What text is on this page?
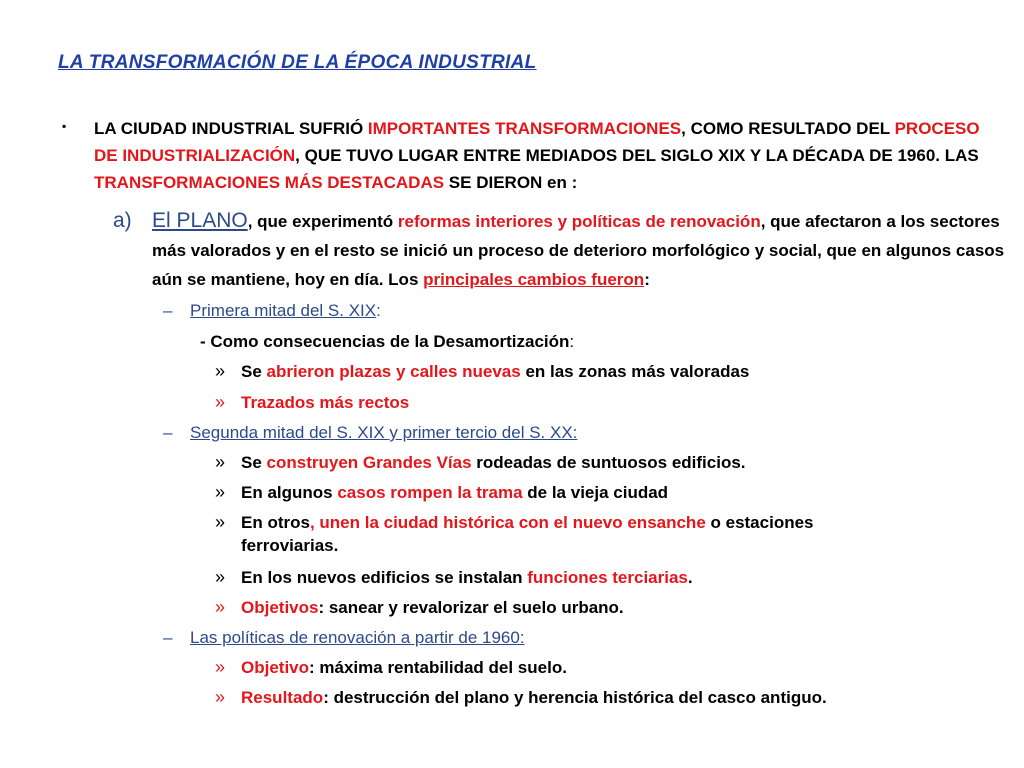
LA TRANSFORMACIÓN DE LA ÉPOCA INDUSTRIAL
▪ LA CIUDAD INDUSTRIAL SUFRIÓ IMPORTANTES TRANSFORMACIONES, COMO RESULTADO DEL PROCESO DE INDUSTRIALIZACIÓN, QUE TUVO LUGAR ENTRE MEDIADOS DEL SIGLO XIX Y LA DÉCADA DE 1960. LAS TRANSFORMACIONES MÁS DESTACADAS SE DIERON en :
a) El PLANO, que experimentó reformas interiores y políticas de renovación, que afectaron a los sectores más valorados y en el resto se inició un proceso de deterioro morfológico y social, que en algunos casos aún se mantiene, hoy en día. Los principales cambios fueron:
– Primera mitad del S. XIX:
- Como consecuencias de la Desamortización:
» Se abrieron plazas y calles nuevas en las zonas más valoradas
» Trazados más rectos
– Segunda mitad del S. XIX y primer tercio del S. XX:
» Se construyen Grandes Vías rodeadas de suntuosos edificios.
» En algunos casos rompen la trama de la vieja ciudad
» En otros, unen la ciudad histórica con el nuevo ensanche o estaciones
ferroviarias.
» En los nuevos edificios se instalan funciones terciarias.
» Objetivos: sanear y revalorizar el suelo urbano.
– Las políticas de renovación a partir de 1960:
» Objetivo: máxima rentabilidad del suelo.
» Resultado: destrucción del plano y herencia histórica del casco antiguo.
